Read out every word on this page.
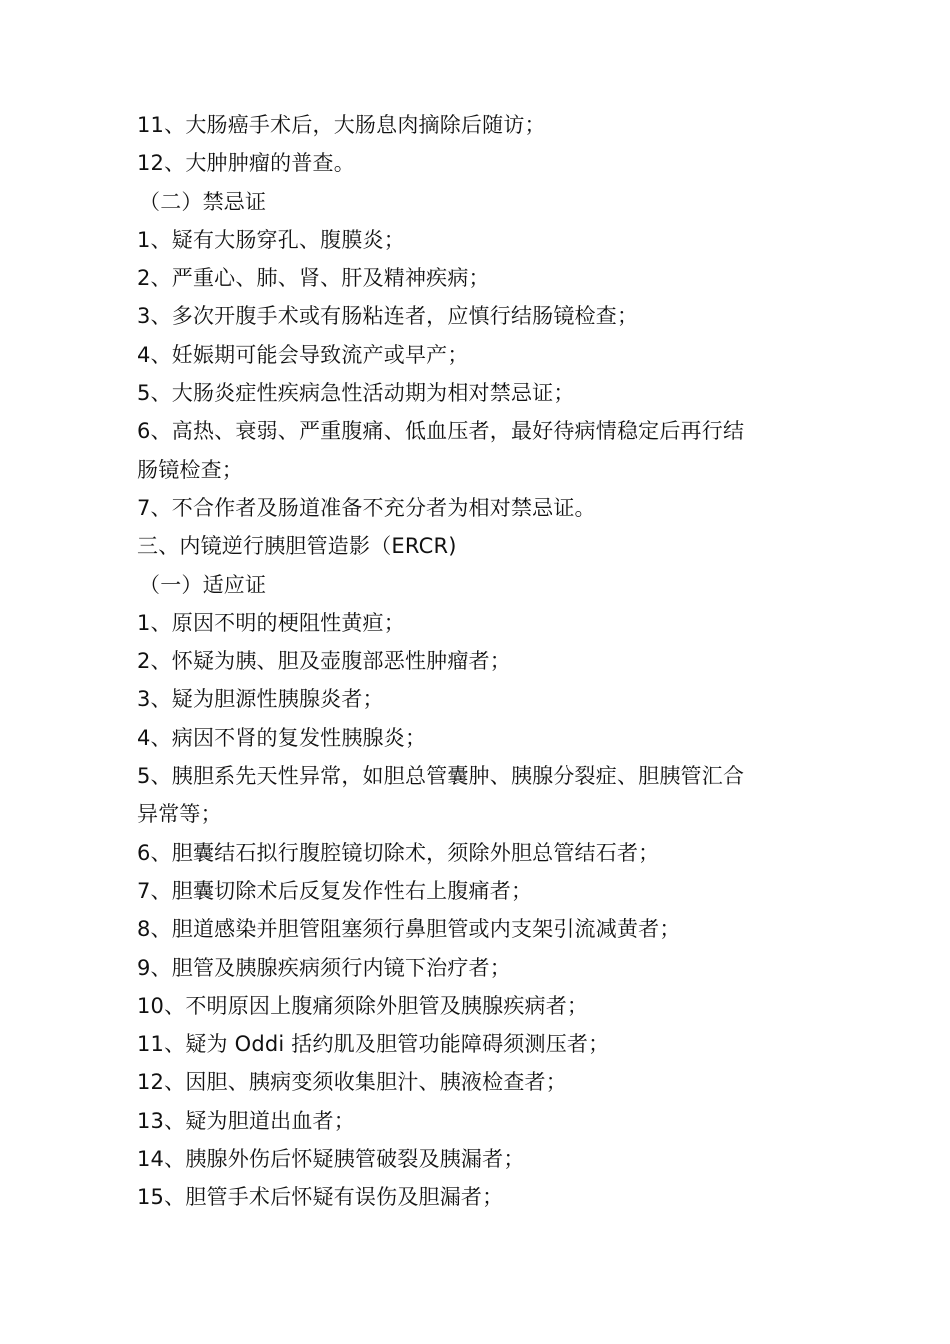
11、大肠癌手术后，大肠息肉摘除后随访；
12、大肿肿瘤的普查。
（二）禁忌证
1、疑有大肠穿孔、腹膜炎；
2、严重心、肺、肾、肝及精神疾病；
3、多次开腹手术或有肠粘连者，应慎行结肠镜检查；
4、妊娠期可能会导致流产或早产；
5、大肠炎症性疾病急性活动期为相对禁忌证；
6、高热、衰弱、严重腹痛、低血压者，最好待病情稳定后再行结
肠镜检查；
7、不合作者及肠道准备不充分者为相对禁忌证。
三、内镜逆行胰胆管造影（ERCR)
（一）适应证
1、原因不明的梗阻性黄疸；
2、怀疑为胰、胆及壶腹部恶性肿瘤者；
3、疑为胆源性胰腺炎者；
4、病因不肾的复发性胰腺炎；
5、胰胆系先天性异常，如胆总管囊肿、胰腺分裂症、胆胰管汇合
异常等；
6、胆囊结石拟行腹腔镜切除术，须除外胆总管结石者；
7、胆囊切除术后反复发作性右上腹痛者；
8、胆道感染并胆管阻塞须行鼻胆管或内支架引流减黄者；
9、胆管及胰腺疾病须行内镜下治疗者；
10、不明原因上腹痛须除外胆管及胰腺疾病者；
11、疑为 Oddi 括约肌及胆管功能障碍须测压者；
12、因胆、胰病变须收集胆汁、胰液检查者；
13、疑为胆道出血者；
14、胰腺外伤后怀疑胰管破裂及胰漏者；
15、胆管手术后怀疑有误伤及胆漏者；
